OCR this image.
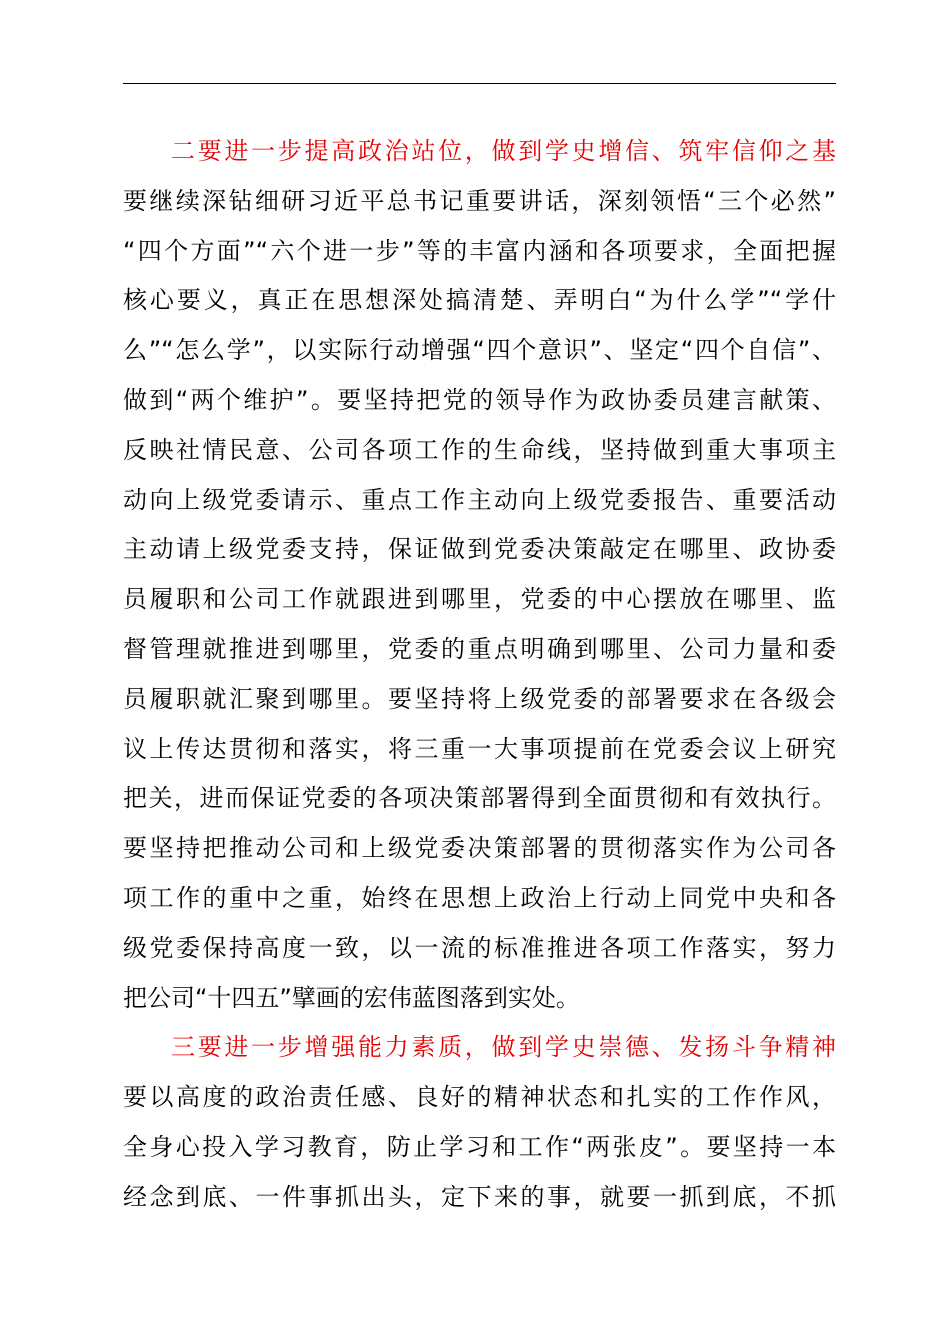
二要进一步提高政治站位，做到学史增信、筑牢信仰之基
要继续深钻细研习近平总书记重要讲话，深刻领悟“三个必然”
“四个方面”“六个进一步”等的丰富内涵和各项要求，全面把握
核心要义，真正在思想深处搞清楚、弄明白“为什么学”“学什
么”“怎么学”，以实际行动增强“四个意识”、坚定“四个自信”、
做到“两个维护”。要坚持把党的领导作为政协委员建言献策、
反映社情民意、公司各项工作的生命线，坚持做到重大事项主
动向上级党委请示、重点工作主动向上级党委报告、重要活动
主动请上级党委支持，保证做到党委决策敲定在哪里、政协委
员履职和公司工作就跟进到哪里，党委的中心摆放在哪里、监
督管理就推进到哪里，党委的重点明确到哪里、公司力量和委
员履职就汇聚到哪里。要坚持将上级党委的部署要求在各级会
议上传达贯彻和落实，将三重一大事项提前在党委会议上研究
把关，进而保证党委的各项决策部署得到全面贯彻和有效执行。
要坚持把推动公司和上级党委决策部署的贯彻落实作为公司各
项工作的重中之重，始终在思想上政治上行动上同党中央和各
级党委保持高度一致，以一流的标准推进各项工作落实，努力
把公司“十四五”擘画的宏伟蓝图落到实处。
三要进一步增强能力素质，做到学史崇德、发扬斗争精神
要以高度的政治责任感、良好的精神状态和扎实的工作作风，
全身心投入学习教育，防止学习和工作“两张皮”。要坚持一本
经念到底、一件事抓出头，定下来的事，就要一抓到底，不抓
